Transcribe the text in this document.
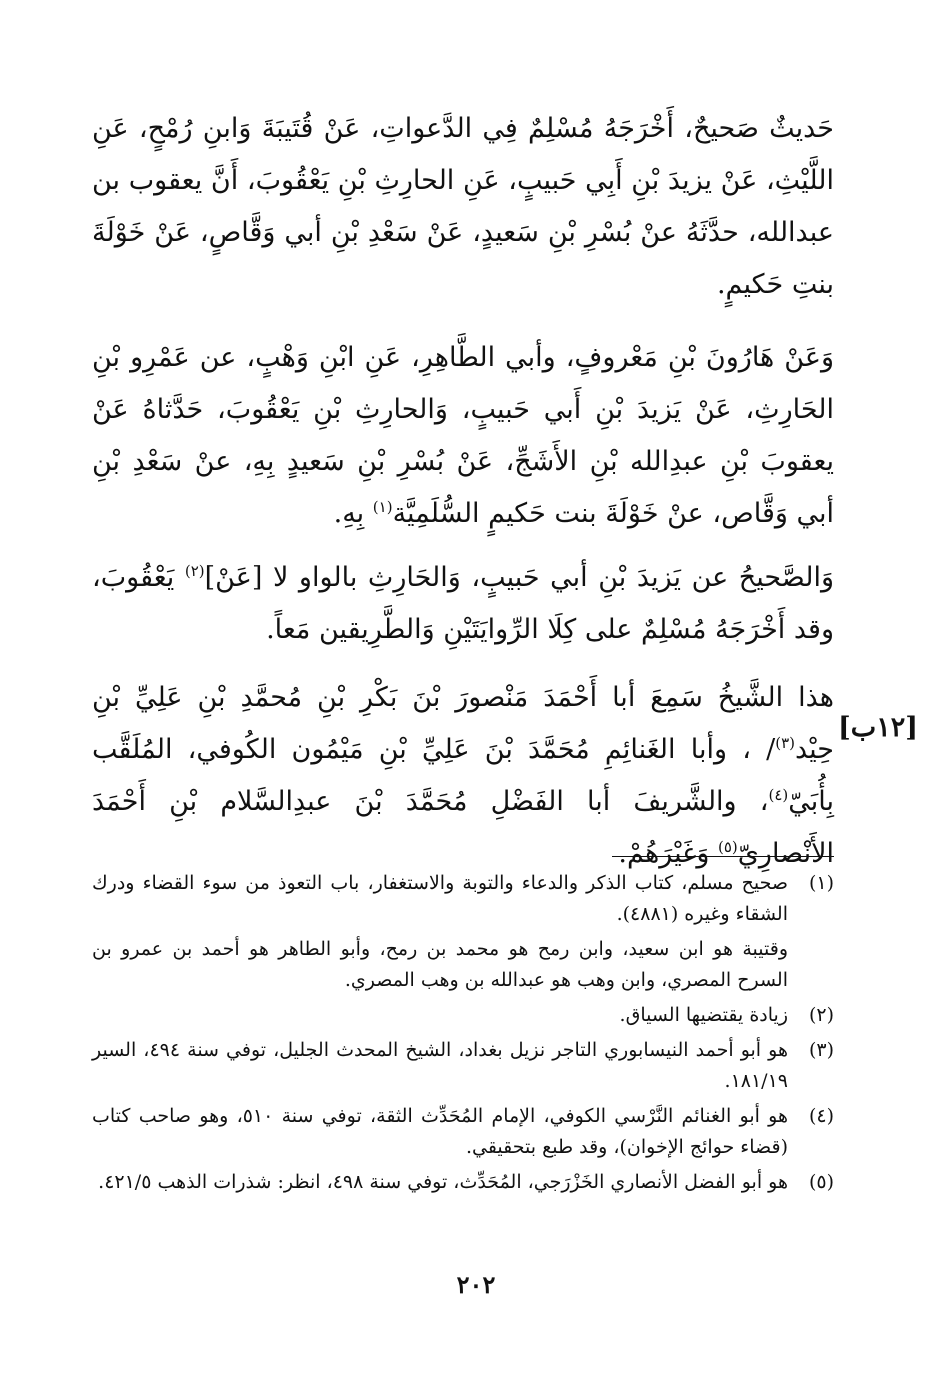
حَديثٌ صَحيحٌ، أَخْرَجَهُ مُسْلِمٌ فِي الدَّعواتِ، عَنْ قُتَيبَةَ وَابنِ رُمْحٍ، عَنِ اللَّيْثِ، عَنْ يزيدَ بْنِ أَبِي حَبيبٍ، عَنِ الحارِثِ بْنِ يَعْقُوبَ، أَنَّ يعقوب بن عبدالله، حدَّثَهُ عنْ بُسْرِ بْنِ سَعيدٍ، عَنْ سَعْدِ بْنِ أبي وَقَّاصٍ، عَنْ خَوْلَةَ بنتِ حَكيمٍ.

وَعَنْ هَارُونَ بْنِ مَعْروفٍ، وأبي الطَّاهِرِ، عَنِ ابْنِ وَهْبٍ، عن عَمْرِو بْنِ الحَارِثِ، عَنْ يَزيدَ بْنِ أَبي حَبيبٍ، وَالحارِثِ بْنِ يَعْقُوبَ، حَدَّثاهُ عَنْ يعقوبَ بْنِ عبدِالله بْنِ الأَشَجِّ، عَنْ بُسْرِ بْنِ سَعيدٍ بِهِ، عنْ سَعْدِ بْنِ أبي وَقَّاص، عنْ خَوْلَةَ بنت حَكيمٍ السُّلَمِيَّة$^{(١)}$ بِهِ.

وَالصَّحيحُ عن يَزيدَ بْنِ أبي حَبيبٍ، وَالحَارِثِ بالواو لا [عَنْ]$^{(٢)}$ يَعْقُوبَ، وقد أَخْرَجَهُ مُسْلِمٌ على كِلَا الرِّوايَتَيْنِ وَالطَّرِيقين مَعاً.

هذا الشَّيخُ سَمِعَ أبا أَحْمَدَ مَنْصورَ بْنَ بَكْرِ بْنِ مُحمَّدِ بْنِ عَلِيِّ بْنِ حِيْد$^{(٣)}$/ ، وأبا الغَنائِمِ مُحَمَّدَ بْنَ عَلِيِّ بْنِ مَيْمُون الكُوفي، المُلَقَّب بِأُبَيّ$^{(٤)}$، والشَّريفَ أبا الفَضْلِ مُحَمَّدَ بْنَ عبدِالسَّلام بْنِ أَحْمَدَ الأَنْصارِيّ$^{(٥)}$ وَغَيْرَهُمْ.

[١٢ب]
(١)
صحيح مسلم، كتاب الذكر والدعاء والتوبة والاستغفار، باب التعوذ من سوء القضاء ودرك الشقاء وغيره (٤٨٨١).
وقتيبة هو ابن سعيد، وابن رمح هو محمد بن رمح، وأبو الطاهر هو أحمد بن عمرو بن السرح المصري، وابن وهب هو عبدالله بن وهب المصري.
(٢)
زيادة يقتضيها السياق.
(٣)
هو أبو أحمد النيسابوري التاجر نزيل بغداد، الشيخ المحدث الجليل، توفي سنة ٤٩٤، السير ١٨١/١٩.
(٤)
هو أبو الغنائم النَّرْسي الكوفي، الإمام المُحَدِّث الثقة، توفي سنة ٥١٠، وهو صاحب كتاب (قضاء حوائج الإخوان)، وقد طبع بتحقيقي.
(٥)
هو أبو الفضل الأنصاري الخَزْرَجي، المُحَدِّث، توفي سنة ٤٩٨، انظر: شذرات الذهب ٤٢١/٥.
٢٠٢
